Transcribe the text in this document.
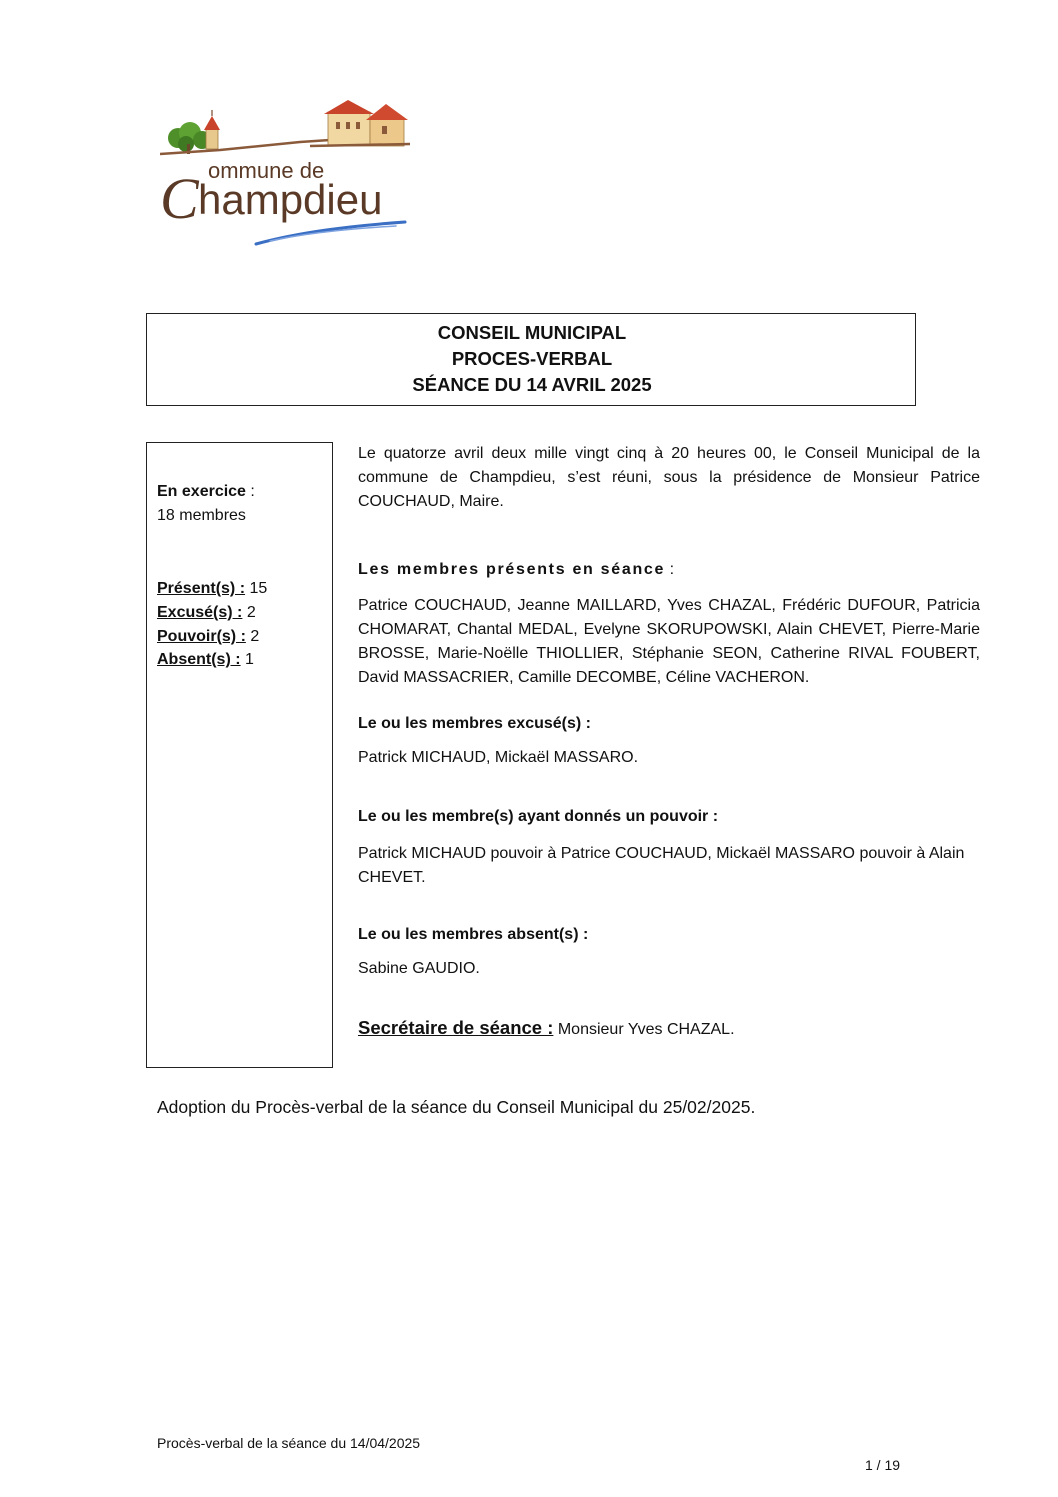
ommune de
C hampdieu
CONSEIL MUNICIPAL
PROCES-VERBAL
SÉANCE DU 14 AVRIL 2025
En exercice :
18 membres
Présent(s) : 15
Excusé(s) : 2
Pouvoir(s) : 2
Absent(s) : 1
Le quatorze avril deux mille vingt cinq à 20 heures 00, le Conseil Municipal de la commune de Champdieu, s’est réuni, sous la présidence de Monsieur Patrice COUCHAUD, Maire.
Les membres présents en séance :
Patrice COUCHAUD, Jeanne MAILLARD, Yves CHAZAL, Frédéric DUFOUR, Patricia CHOMARAT, Chantal MEDAL, Evelyne SKORUPOWSKI, Alain CHEVET, Pierre-Marie BROSSE, Marie-Noëlle THIOLLIER, Stéphanie SEON, Catherine RIVAL FOUBERT, David MASSACRIER, Camille DECOMBE, Céline VACHERON.
Le ou les membres excusé(s) :
Patrick MICHAUD, Mickaël MASSARO.
Le ou les membre(s) ayant donnés un pouvoir :
Patrick MICHAUD pouvoir à Patrice COUCHAUD, Mickaël MASSARO pouvoir à Alain CHEVET.
Le ou les membres absent(s) :
Sabine GAUDIO.
Secrétaire de séance : Monsieur Yves CHAZAL.
Adoption du Procès-verbal de la séance du Conseil Municipal du 25/02/2025.
Procès-verbal de la séance du 14/04/2025
1 / 19
